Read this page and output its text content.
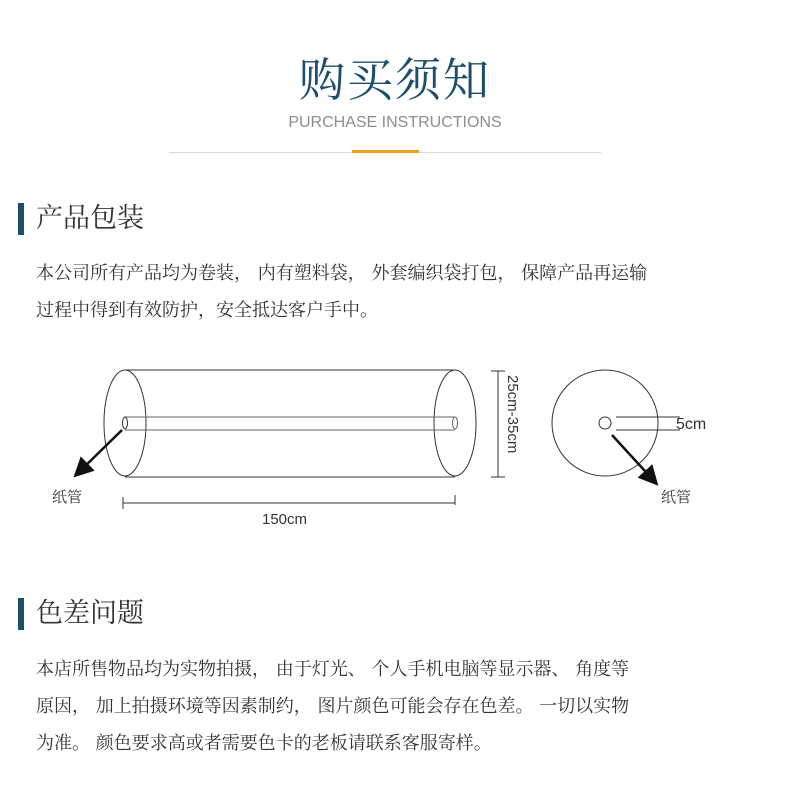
购买须知
PURCHASE INSTRUCTIONS
产品包装
本公司所有产品均为卷装， 内有塑料袋， 外套编织袋打包， 保障产品再运输
过程中得到有效防护，安全抵达客户手中。
纸管
150cm
25cm-35cm	5cm
纸管
色差问题
本店所售物品均为实物拍摄， 由于灯光、 个人手机电脑等显示器、 角度等
原因， 加上拍摄环境等因素制约， 图片颜色可能会存在色差。 一切以实物
为准。 颜色要求高或者需要色卡的老板请联系客服寄样。
